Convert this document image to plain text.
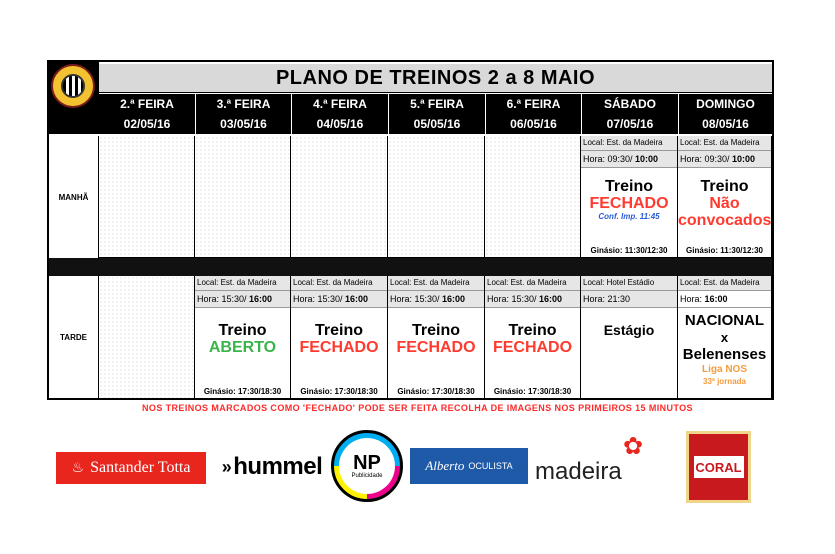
PLANO DE TREINOS 2 a 8 MAIO
2.ª FEIRA
02/05/16
3.ª FEIRA
03/05/16
4.ª FEIRA
04/05/16
5.ª FEIRA
05/05/16
6.ª FEIRA
06/05/16
SÁBADO
07/05/16
DOMINGO
08/05/16
MANHÃ
TARDE
Local: Est. da Madeira
Hora: 09:30/ 10:00
Treino
FECHADO
Conf. Imp. 11:45
Ginásio: 11:30/12:30
Local: Est. da Madeira
Hora: 09:30/ 10:00
Treino
Não
convocados
Ginásio: 11:30/12:30
Local: Est. da Madeira
Hora: 15:30/ 16:00
Treino
ABERTO
Ginásio: 17:30/18:30
Local: Est. da Madeira
Hora: 15:30/ 16:00
Treino
FECHADO
Ginásio: 17:30/18:30
Local: Est. da Madeira
Hora: 15:30/ 16:00
Treino
FECHADO
Ginásio: 17:30/18:30
Local: Est. da Madeira
Hora: 15:30/ 16:00
Treino
FECHADO
Ginásio: 17:30/18:30
Local: Hotel Estádio
Hora: 21:30
Estágio
Local: Est. da Madeira
Hora: 16:00
NACIONAL
x
Belenenses
Liga NOS
33ª jornada
NOS TREINOS MARCADOS COMO 'FECHADO' PODE SER FEITA RECOLHA DE IMAGENS NOS PRIMEIROS 15 MINUTOS
♨ Santander Totta » hummel NP
Publicidade
Alberto OCULISTA
✿
madeira	CORAL
